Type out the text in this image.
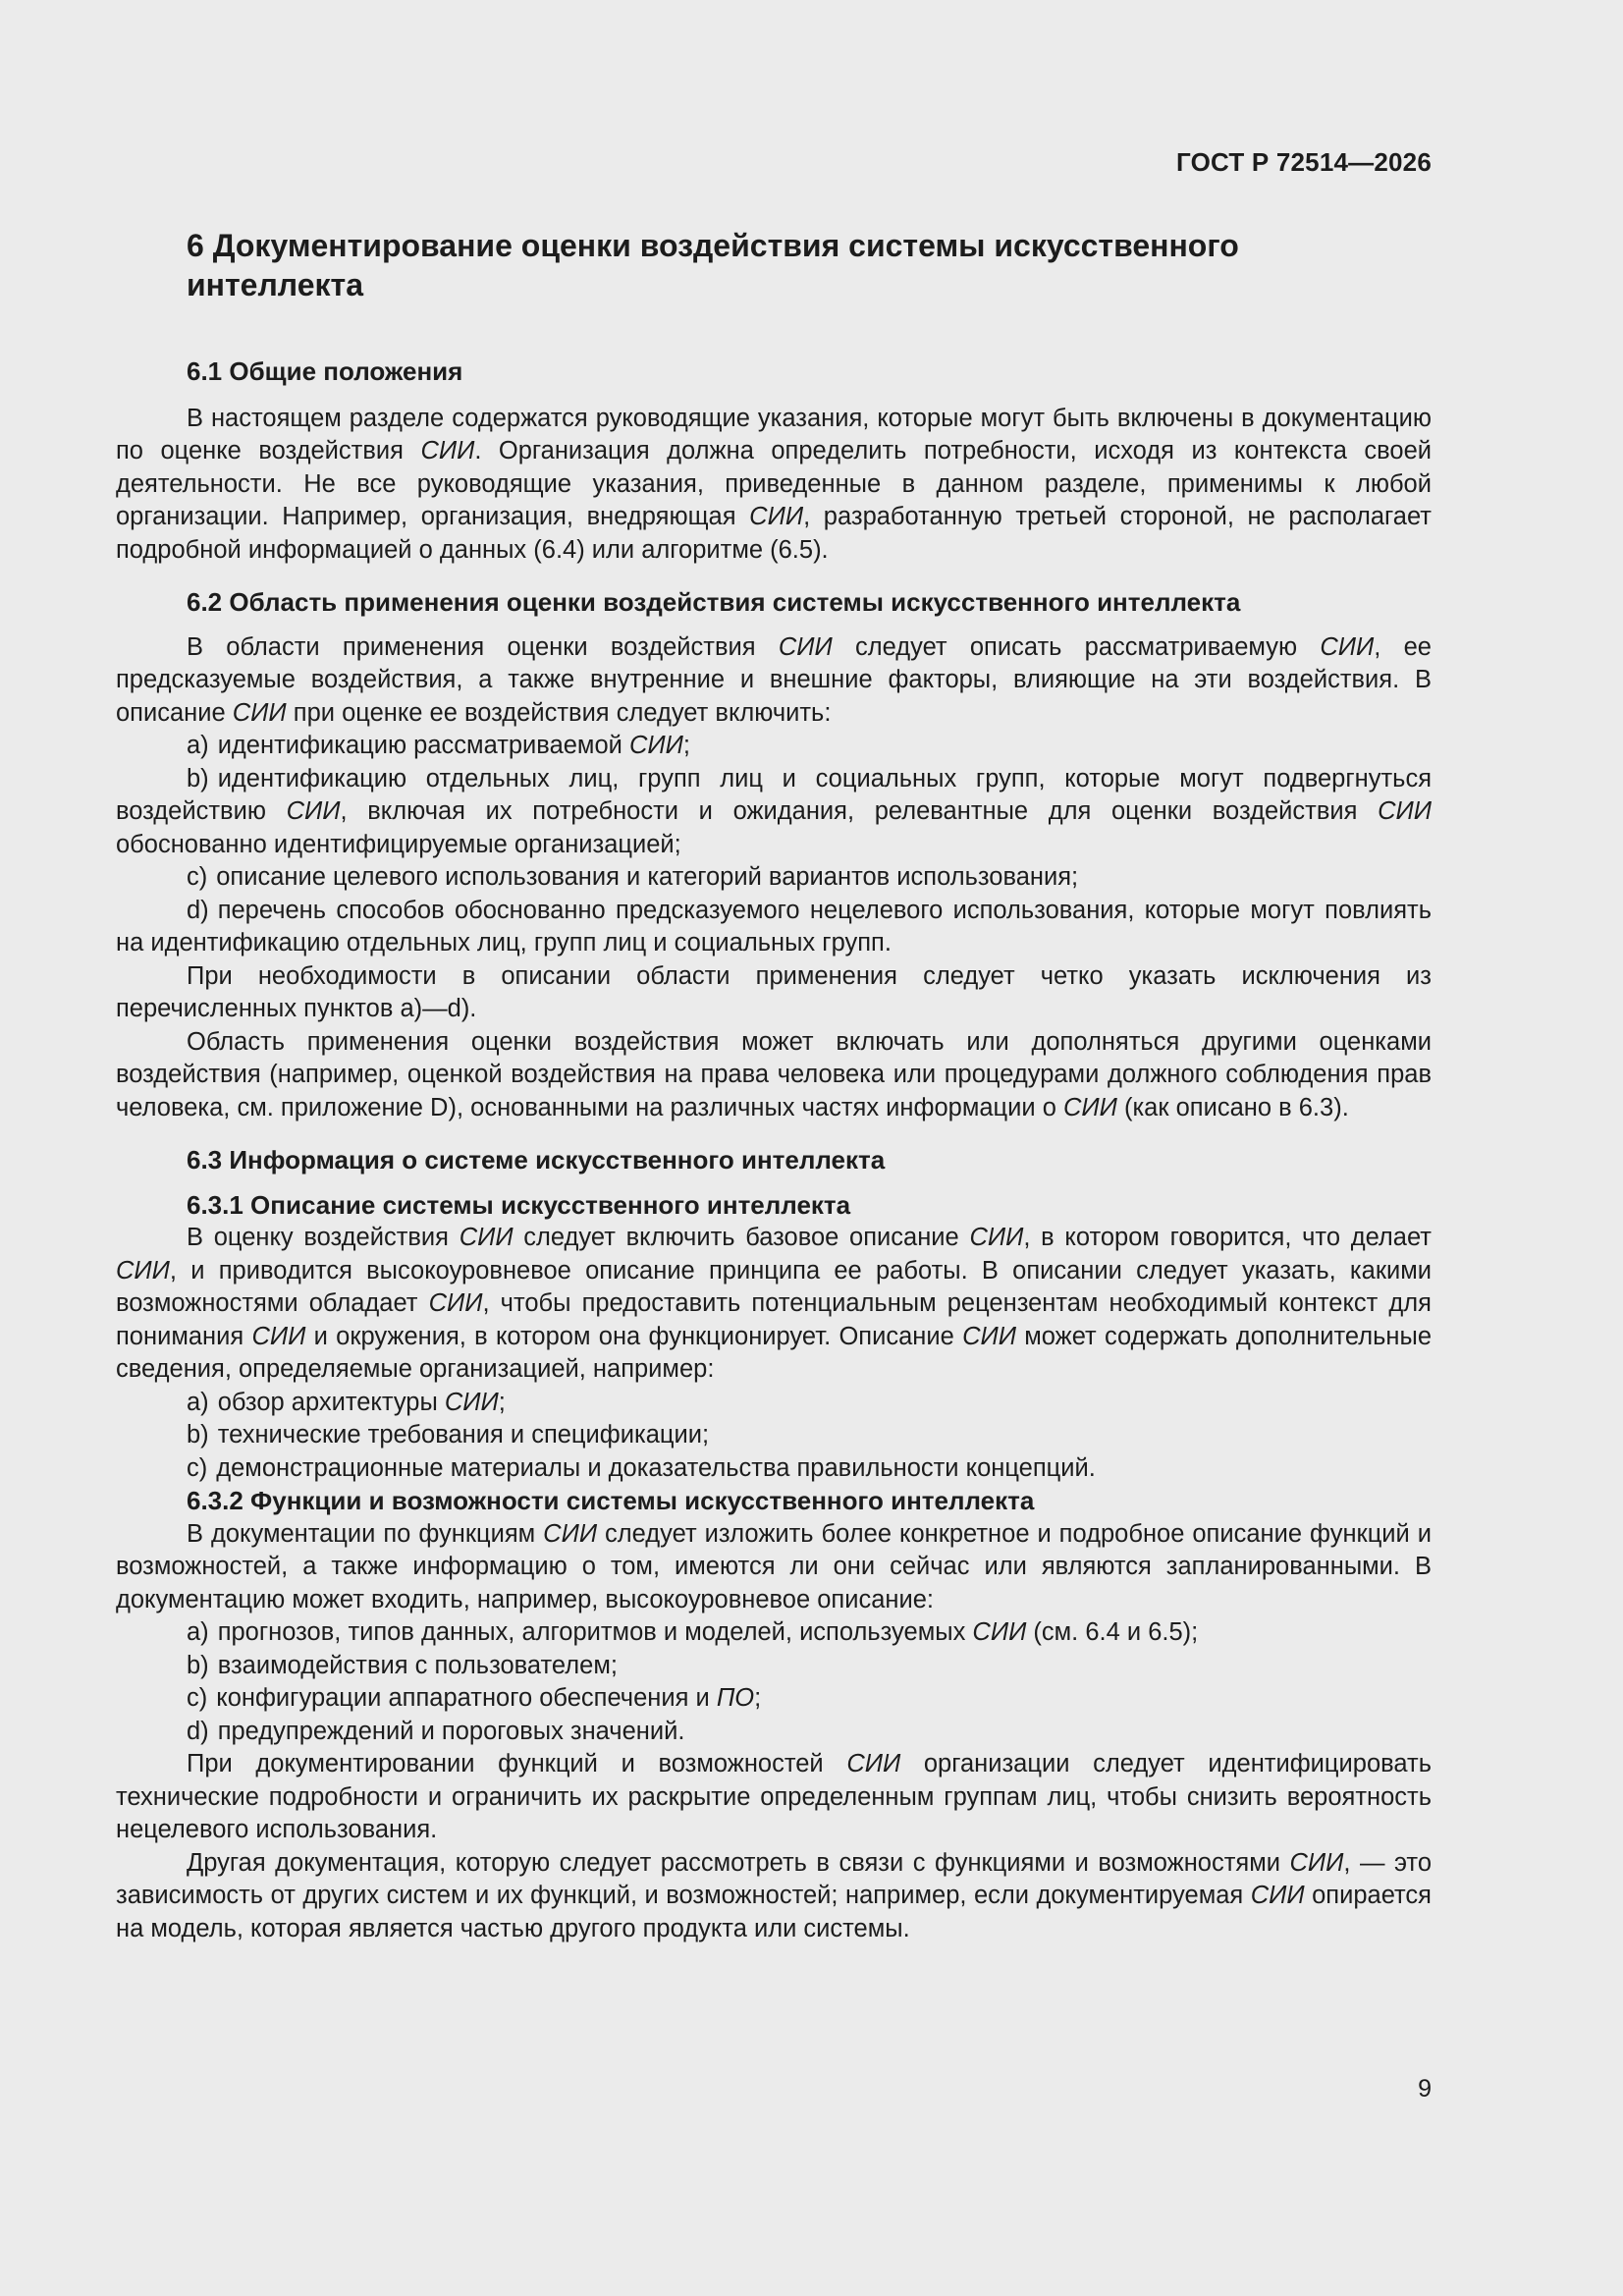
ГОСТ Р 72514—2026
6 Документирование оценки воздействия системы искусственного интеллекта
6.1 Общие положения

В настоящем разделе содержатся руководящие указания, которые могут быть включены в документацию по оценке воздействия СИИ. Организация должна определить потребности, исходя из контекста своей деятельности. Не все руководящие указания, приведенные в данном разделе, применимы к любой организации. Например, организация, внедряющая СИИ, разработанную третьей стороной, не располагает подробной информацией о данных (6.4) или алгоритме (6.5).

6.2 Область применения оценки воздействия системы искусственного интеллекта

В области применения оценки воздействия СИИ следует описать рассматриваемую СИИ, ее предсказуемые воздействия, а также внутренние и внешние факторы, влияющие на эти воздействия. В описание СИИ при оценке ее воздействия следует включить:

a) идентификацию рассматриваемой СИИ;
b) идентификацию отдельных лиц, групп лиц и социальных групп, которые могут подвергнуться воздействию СИИ, включая их потребности и ожидания, релевантные для оценки воздействия СИИ обоснованно идентифицируемые организацией;
c) описание целевого использования и категорий вариантов использования;
d) перечень способов обоснованно предсказуемого нецелевого использования, которые могут повлиять на идентификацию отдельных лиц, групп лиц и социальных групп.

При необходимости в описании области применения следует четко указать исключения из перечисленных пунктов а)—d).

Область применения оценки воздействия может включать или дополняться другими оценками воздействия (например, оценкой воздействия на права человека или процедурами должного соблюдения прав человека, см. приложение D), основанными на различных частях информации о СИИ (как описано в 6.3).

6.3 Информация о системе искусственного интеллекта
6.3.1 Описание системы искусственного интеллекта

В оценку воздействия СИИ следует включить базовое описание СИИ, в котором говорится, что делает СИИ, и приводится высокоуровневое описание принципа ее работы. В описании следует указать, какими возможностями обладает СИИ, чтобы предоставить потенциальным рецензентам необходимый контекст для понимания СИИ и окружения, в котором она функционирует. Описание СИИ может содержать дополнительные сведения, определяемые организацией, например:

a) обзор архитектуры СИИ;
b) технические требования и спецификации;
c) демонстрационные материалы и доказательства правильности концепций.
6.3.2 Функции и возможности системы искусственного интеллекта

В документации по функциям СИИ следует изложить более конкретное и подробное описание функций и возможностей, а также информацию о том, имеются ли они сейчас или являются запланированными. В документацию может входить, например, высокоуровневое описание:

a) прогнозов, типов данных, алгоритмов и моделей, используемых СИИ (см. 6.4 и 6.5);
b) взаимодействия с пользователем;
c) конфигурации аппаратного обеспечения и ПО;
d) предупреждений и пороговых значений.

При документировании функций и возможностей СИИ организации следует идентифицировать технические подробности и ограничить их раскрытие определенным группам лиц, чтобы снизить вероятность нецелевого использования.

Другая документация, которую следует рассмотреть в связи с функциями и возможностями СИИ, — это зависимость от других систем и их функций, и возможностей; например, если документируемая СИИ опирается на модель, которая является частью другого продукта или системы.

9
